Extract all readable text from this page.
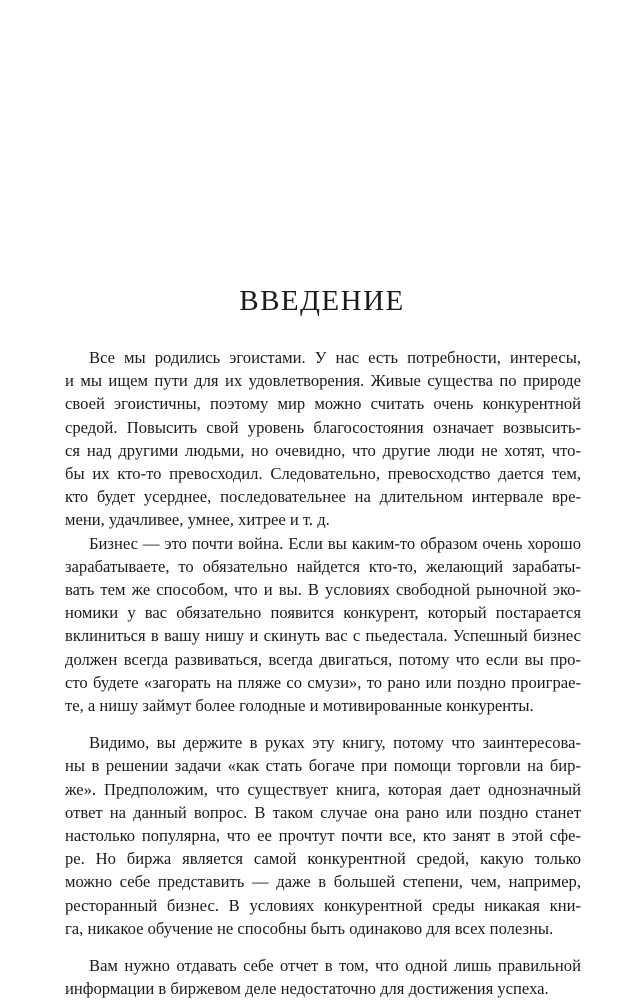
ВВЕДЕНИЕ
Все мы родились эгоистами. У нас есть потребности, интересы,
и мы ищем пути для их удовлетворения. Живые существа по природе
своей эгоистичны, поэтому мир можно считать очень конкурентной
средой. Повысить свой уровень благосостояния означает возвысить-
ся над другими людьми, но очевидно, что другие люди не хотят, что-
бы их кто-то превосходил. Следовательно, превосходство дается тем,
кто будет усерднее, последовательнее на длительном интервале вре-
мени, удачливее, умнее, хитрее и т. д.
Бизнес — это почти война. Если вы каким-то образом очень хорошо
зарабатываете, то обязательно найдется кто-то, желающий зарабаты-
вать тем же способом, что и вы. В условиях свободной рыночной эко-
номики у вас обязательно появится конкурент, который постарается
вклиниться в вашу нишу и скинуть вас с пьедестала. Успешный бизнес
должен всегда развиваться, всегда двигаться, потому что если вы про-
сто будете «загорать на пляже со смузи», то рано или поздно проиграе-
те, а нишу займут более голодные и мотивированные конкуренты.
Видимо, вы держите в руках эту книгу, потому что заинтересова-
ны в решении задачи «как стать богаче при помощи торговли на бир-
же». Предположим, что существует книга, которая дает однозначный
ответ на данный вопрос. В таком случае она рано или поздно станет
настолько популярна, что ее прочтут почти все, кто занят в этой сфе-
ре. Но биржа является самой конкурентной средой, какую только
можно себе представить — даже в большей степени, чем, например,
ресторанный бизнес. В условиях конкурентной среды никакая кни-
га, никакое обучение не способны быть одинаково для всех полезны.
Вам нужно отдавать себе отчет в том, что одной лишь правильной
информации в биржевом деле недостаточно для достижения успеха.
